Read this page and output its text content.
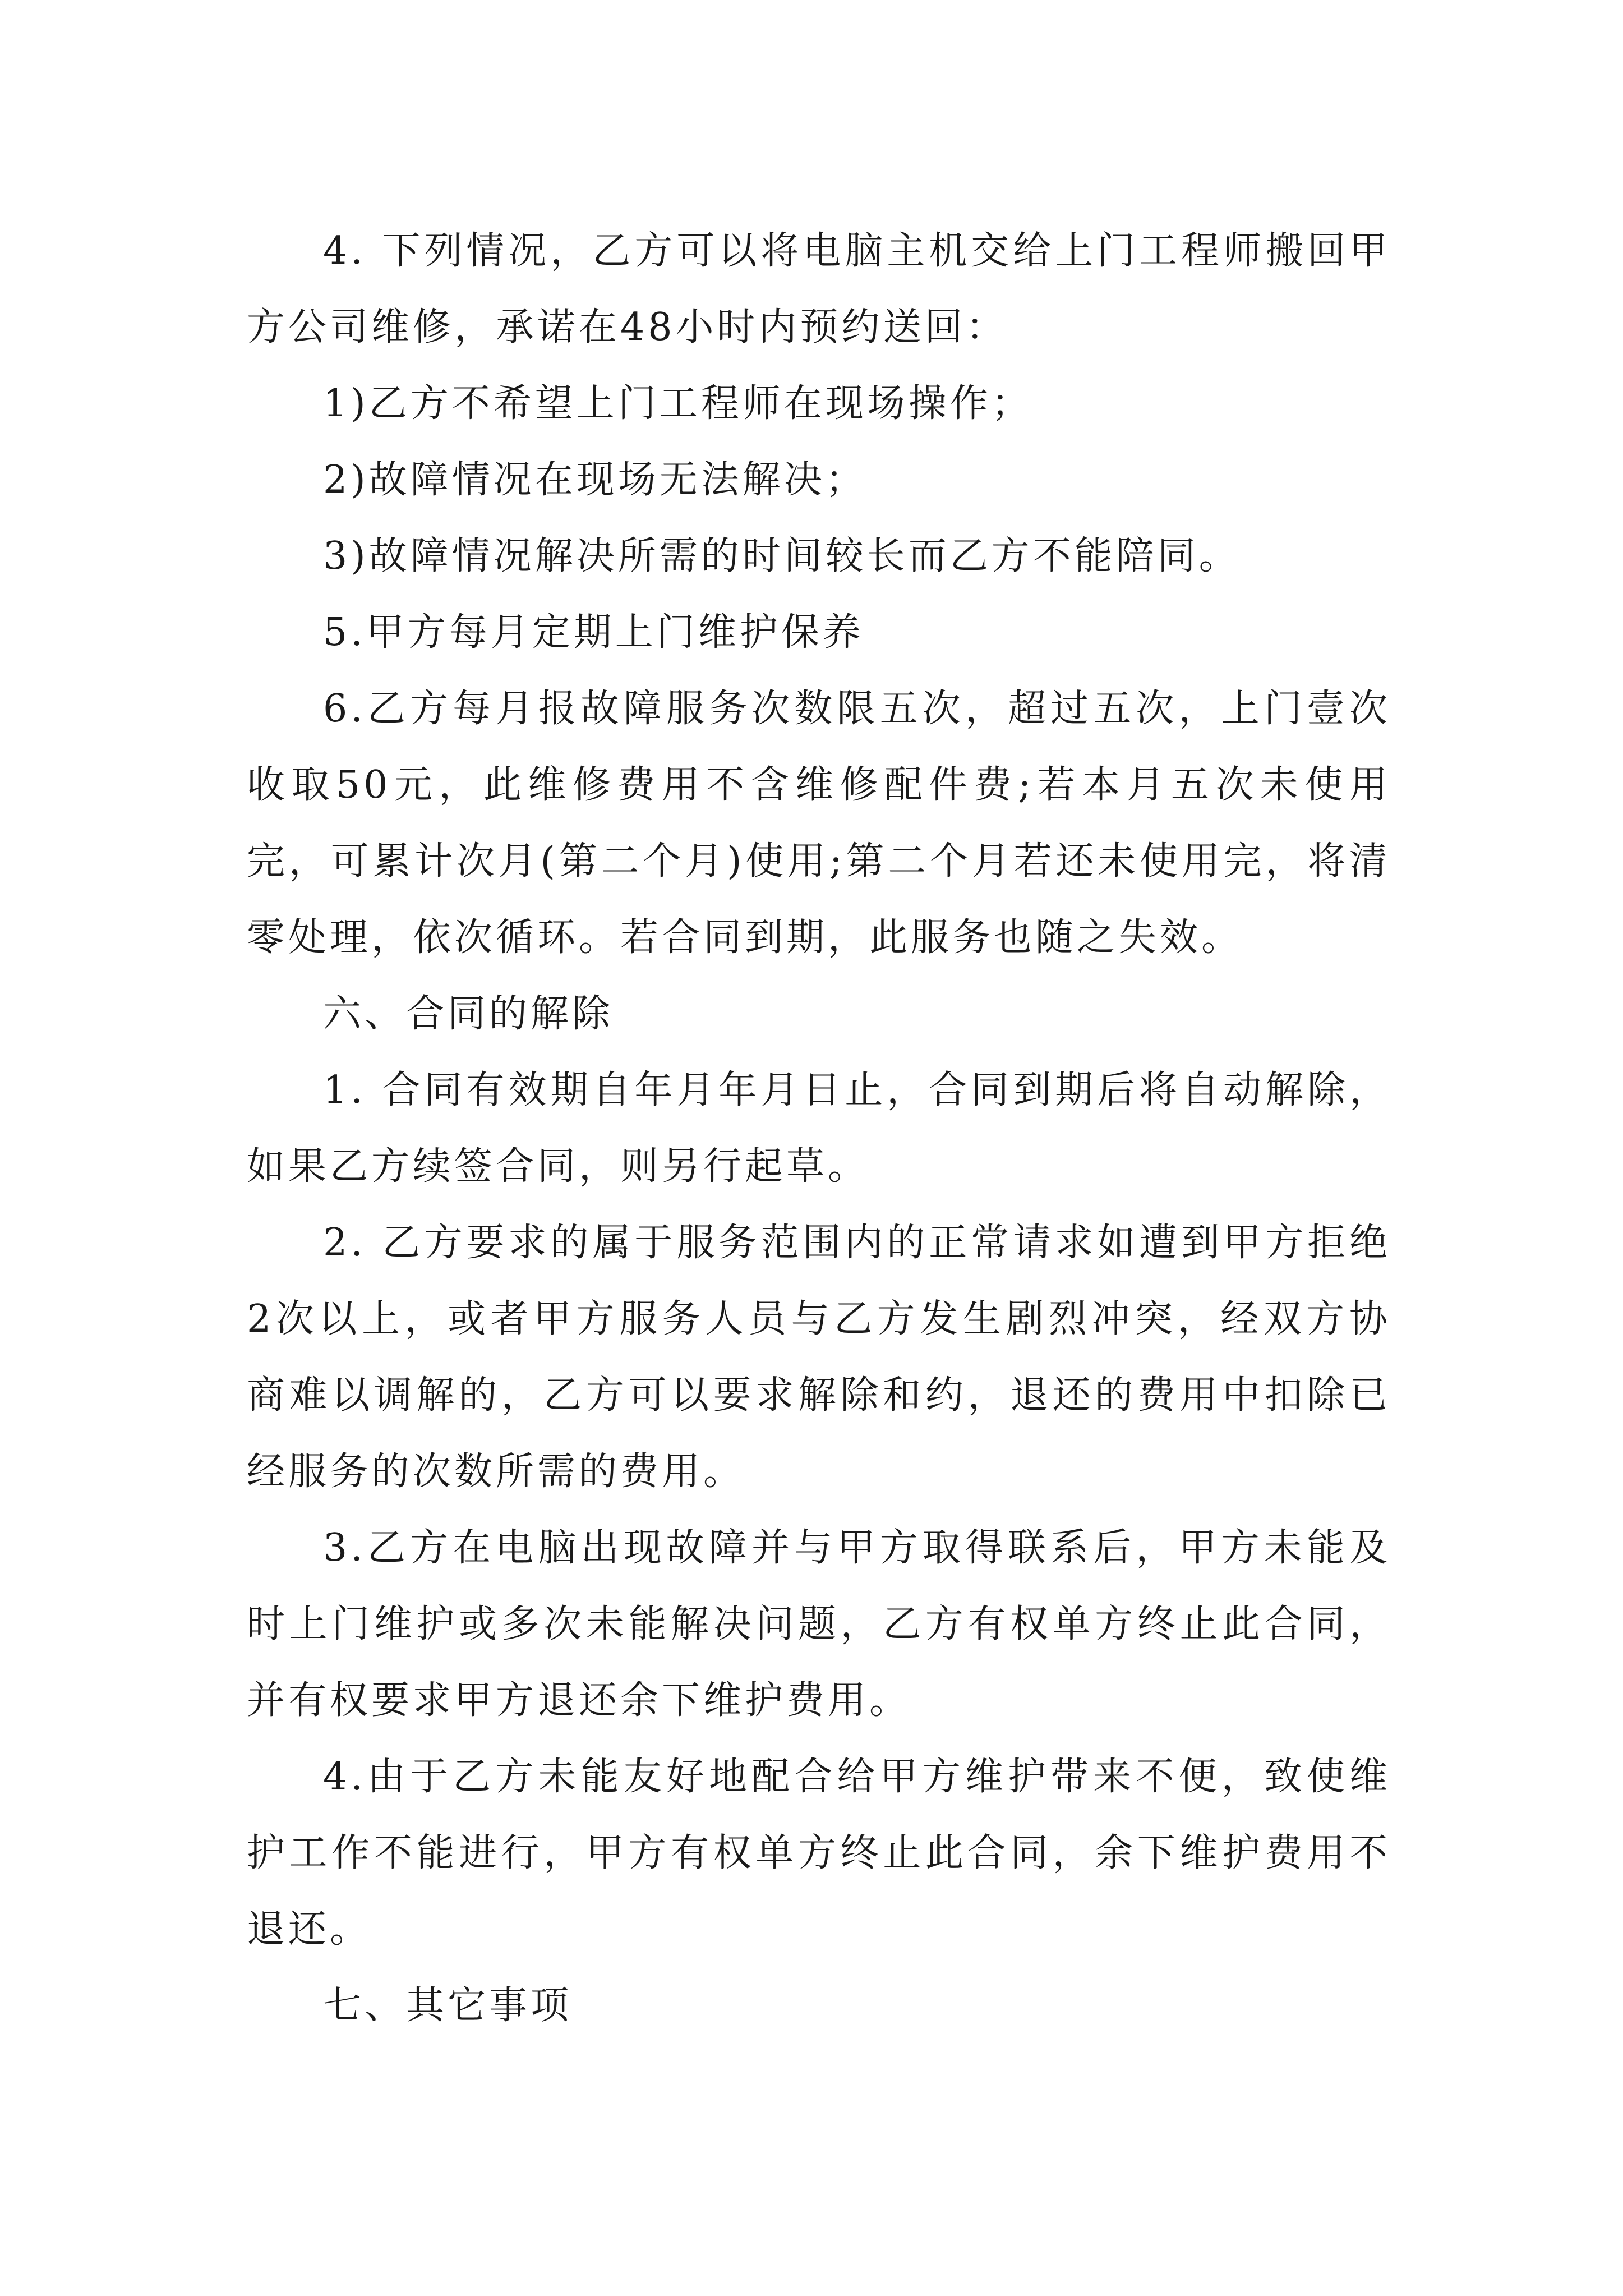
4. 下列情况，乙方可以将电脑主机交给上门工程师搬回甲方公司维修，承诺在48小时内预约送回：

1)乙方不希望上门工程师在现场操作；

2)故障情况在现场无法解决；

3)故障情况解决所需的时间较长而乙方不能陪同。

5.甲方每月定期上门维护保养

6.乙方每月报故障服务次数限五次，超过五次，上门壹次收取50元，此维修费用不含维修配件费;若本月五次未使用完，可累计次月(第二个月)使用;第二个月若还未使用完，将清零处理，依次循环。若合同到期，此服务也随之失效。

六、合同的解除

1. 合同有效期自年月年月日止，合同到期后将自动解除，如果乙方续签合同，则另行起草。

2. 乙方要求的属于服务范围内的正常请求如遭到甲方拒绝2次以上，或者甲方服务人员与乙方发生剧烈冲突，经双方协商难以调解的，乙方可以要求解除和约，退还的费用中扣除已经服务的次数所需的费用。

3.乙方在电脑出现故障并与甲方取得联系后，甲方未能及时上门维护或多次未能解决问题，乙方有权单方终止此合同，并有权要求甲方退还余下维护费用。

4.由于乙方未能友好地配合给甲方维护带来不便，致使维护工作不能进行，甲方有权单方终止此合同，余下维护费用不退还。

七、其它事项
